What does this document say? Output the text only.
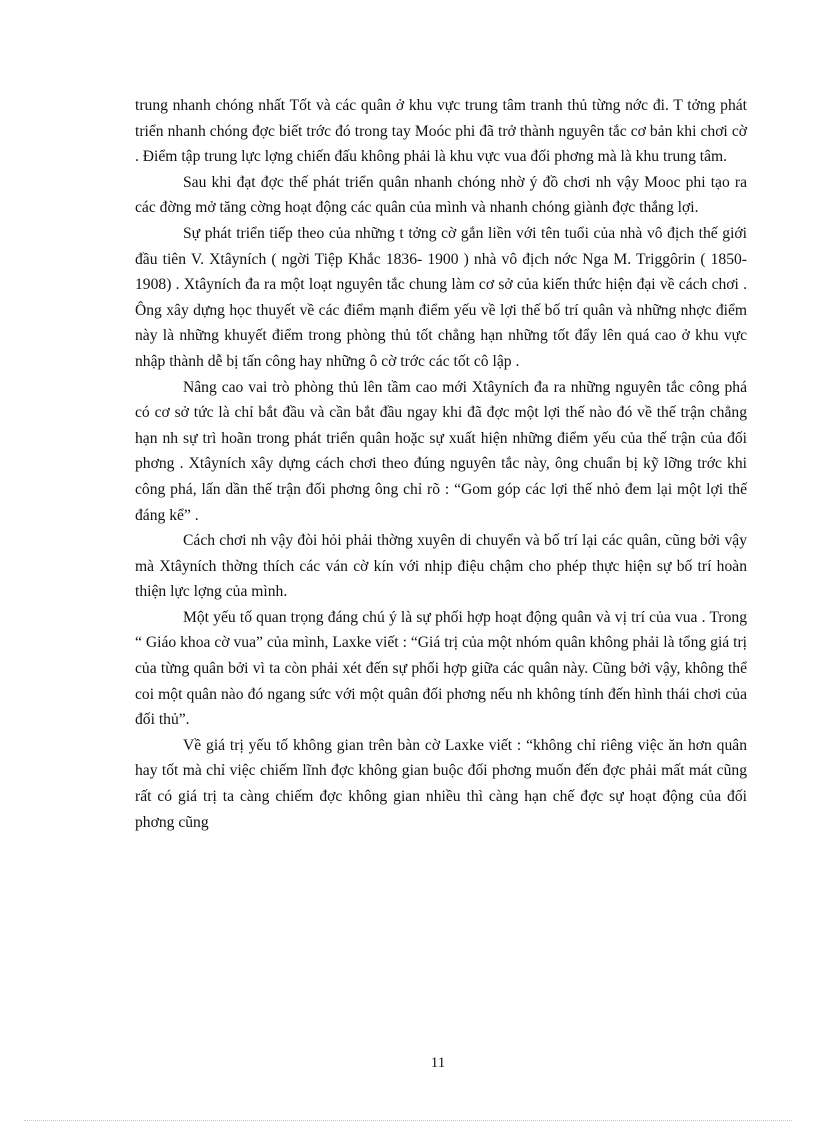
trung nhanh chóng nhất Tốt và các quân ở khu vực trung tâm tranh thủ từng nớc đi. T tởng phát triển nhanh chóng đợc biết trớc đó trong tay Moóc phi đã trở thành nguyên tắc cơ bản khi chơi cờ . Điểm tập trung lực lợng chiến đấu không phải là khu vực vua đối phơng mà là khu trung tâm.

Sau khi đạt đợc thế phát triển quân nhanh chóng nhờ ý đồ chơi nh vậy Mooc phi tạo ra các đờng mở tăng cờng hoạt động các quân của mình và nhanh chóng giành đợc thắng lợi.

Sự phát triển tiếp theo của những t tởng cờ gắn liền với tên tuổi của nhà vô địch thế giới đầu tiên V. Xtâyních ( ngời Tiệp Khắc 1836- 1900 ) nhà vô địch nớc Nga M. Triggôrin ( 1850-1908) . Xtâyních đa ra một loạt nguyên tắc chung làm cơ sở của kiến thức hiện đại về cách chơi . Ông xây dựng học thuyết về các điểm mạnh điểm yếu về lợi thế bố trí quân và những nhợc điểm này là những khuyết điểm trong phòng thủ tốt chẳng hạn những tốt đẩy lên quá cao ở khu vực nhập thành dễ bị tấn công hay những ô cờ trớc các tốt cô lập .

Nâng cao vai trò phòng thủ lên tầm cao mới Xtâyních đa ra những nguyên tắc công phá có cơ sở tức là chỉ bắt đầu và cần bắt đầu ngay khi đã đợc một lợi thế nào đó về thế trận chẳng hạn nh sự trì hoãn trong phát triển quân hoặc sự xuất hiện những điểm yếu của thế trận của đối phơng . Xtâyních xây dựng cách chơi theo đúng nguyên tắc này, ông chuẩn bị kỹ lỡng trớc khi công phá, lấn dần thế trận đối phơng ông chỉ rõ : “Gom góp các lợi thế nhỏ đem lại một lợi thế đáng kể” .

Cách chơi nh vậy đòi hỏi phải thờng xuyên di chuyển và bố trí lại các quân, cũng bởi vậy mà Xtâyních thờng thích các ván cờ kín với nhịp điệu chậm cho phép thực hiện sự bố trí hoàn thiện lực lợng của mình.

Một yếu tố quan trọng đáng chú ý là sự phối hợp hoạt động quân và vị trí của vua . Trong “ Giáo khoa cờ vua” của mình, Laxke viết : “Giá trị của một nhóm quân không phải là tổng giá trị của từng quân bởi vì ta còn phải xét đến sự phối hợp giữa các quân này. Cũng bởi vậy, không thể coi một quân nào đó ngang sức với một quân đối phơng nếu nh không tính đến hình thái chơi của đối thủ”.

Về giá trị yếu tố không gian trên bàn cờ Laxke viết : “không chỉ riêng việc ăn hơn quân hay tốt mà chỉ việc chiếm lĩnh đợc không gian buộc đối phơng muốn đến đợc phải mất mát cũng rất có giá trị ta càng chiếm đợc không gian nhiều thì càng hạn chế đợc sự hoạt động của đối phơng cũng

11
